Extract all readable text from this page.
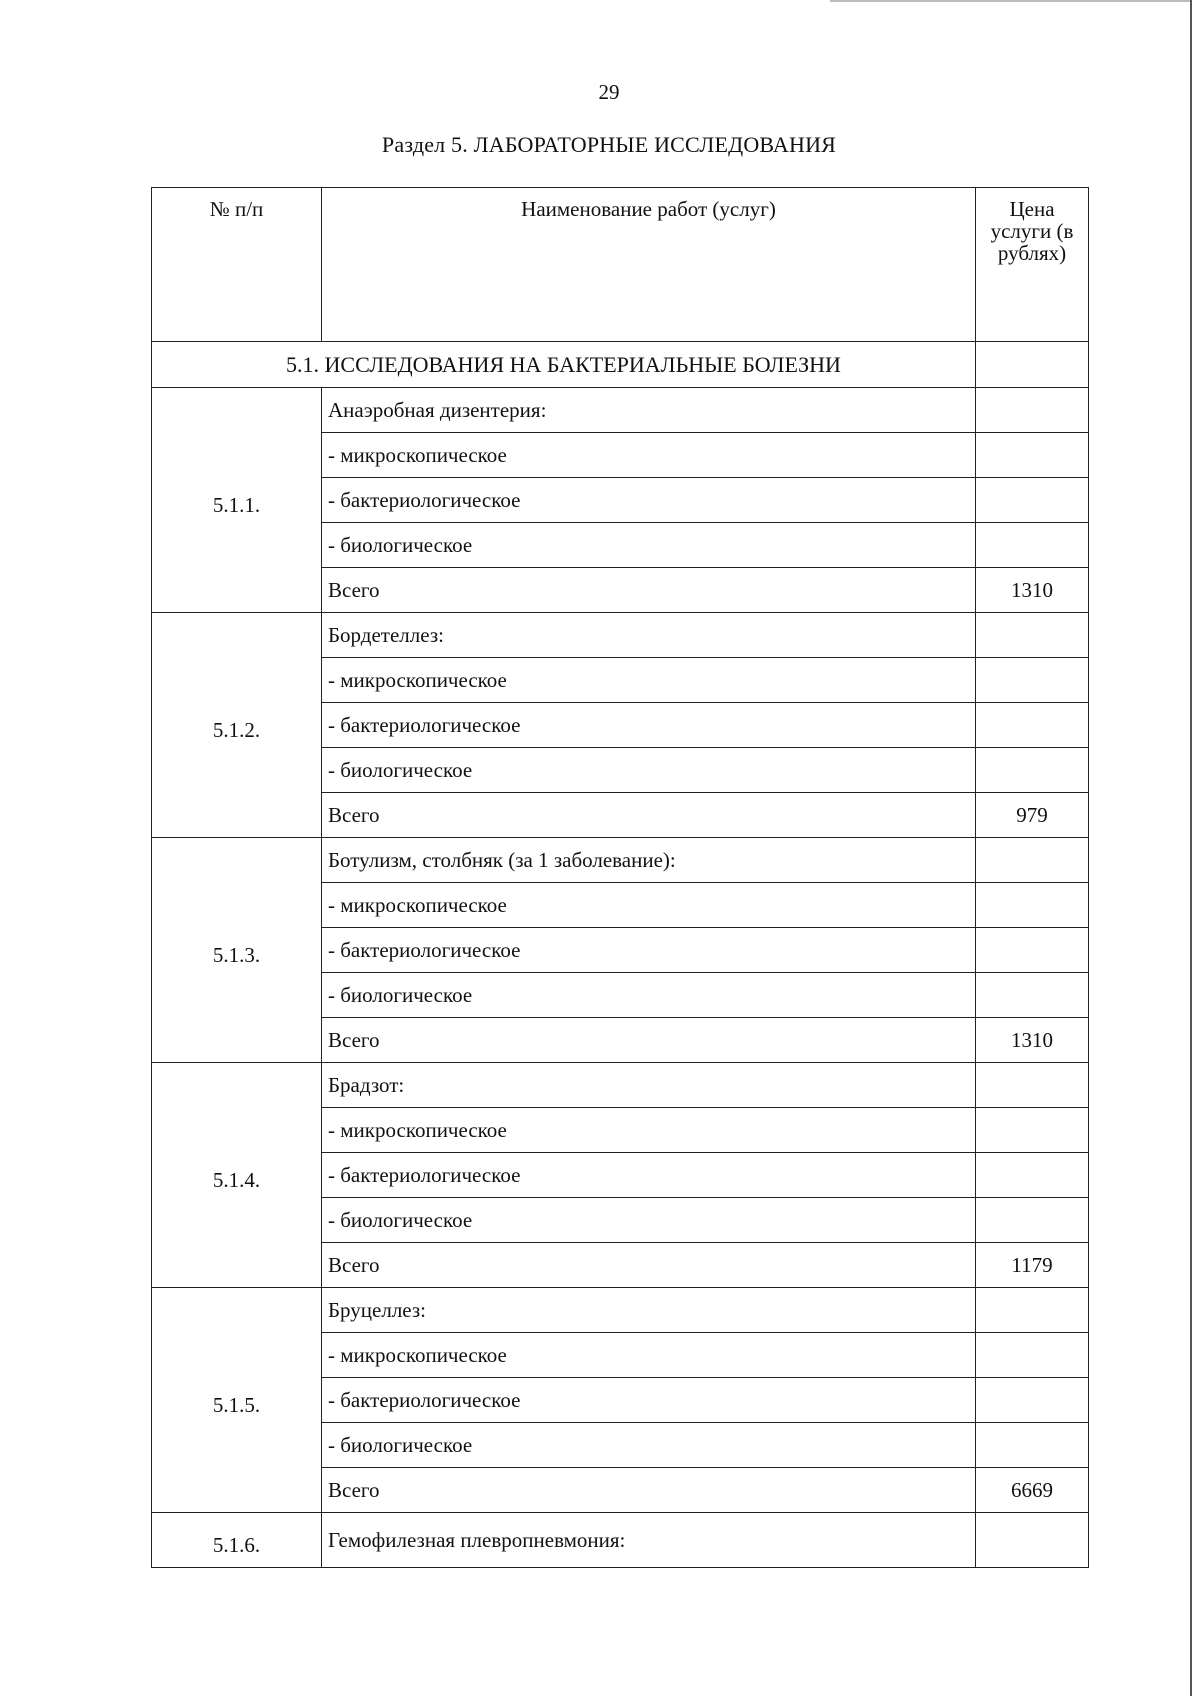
29
Раздел 5. ЛАБОРАТОРНЫЕ ИССЛЕДОВАНИЯ
№ п/п	Наименование работ (услуг)	Цена услуги (в рублях)
5.1. ИССЛЕДОВАНИЯ НА БАКТЕРИАЛЬНЫЕ БОЛЕЗНИ		
5.1.1.	Анаэробная дизентерия:	
	- микроскопическое	
	- бактериологическое	
	- биологическое	
	Всего	1310
5.1.2.	Бордетеллез:	
	- микроскопическое	
	- бактериологическое	
	- биологическое	
	Всего	979
5.1.3.	Ботулизм, столбняк (за 1 заболевание):	
	- микроскопическое	
	- бактериологическое	
	- биологическое	
	Всего	1310
5.1.4.	Брадзот:	
	- микроскопическое	
	- бактериологическое	
	- биологическое	
	Всего	1179
5.1.5.	Бруцеллез:	
	- микроскопическое	
	- бактериологическое	
	- биологическое	
	Всего	6669
5.1.6.	Гемофилезная плевропневмония:	
